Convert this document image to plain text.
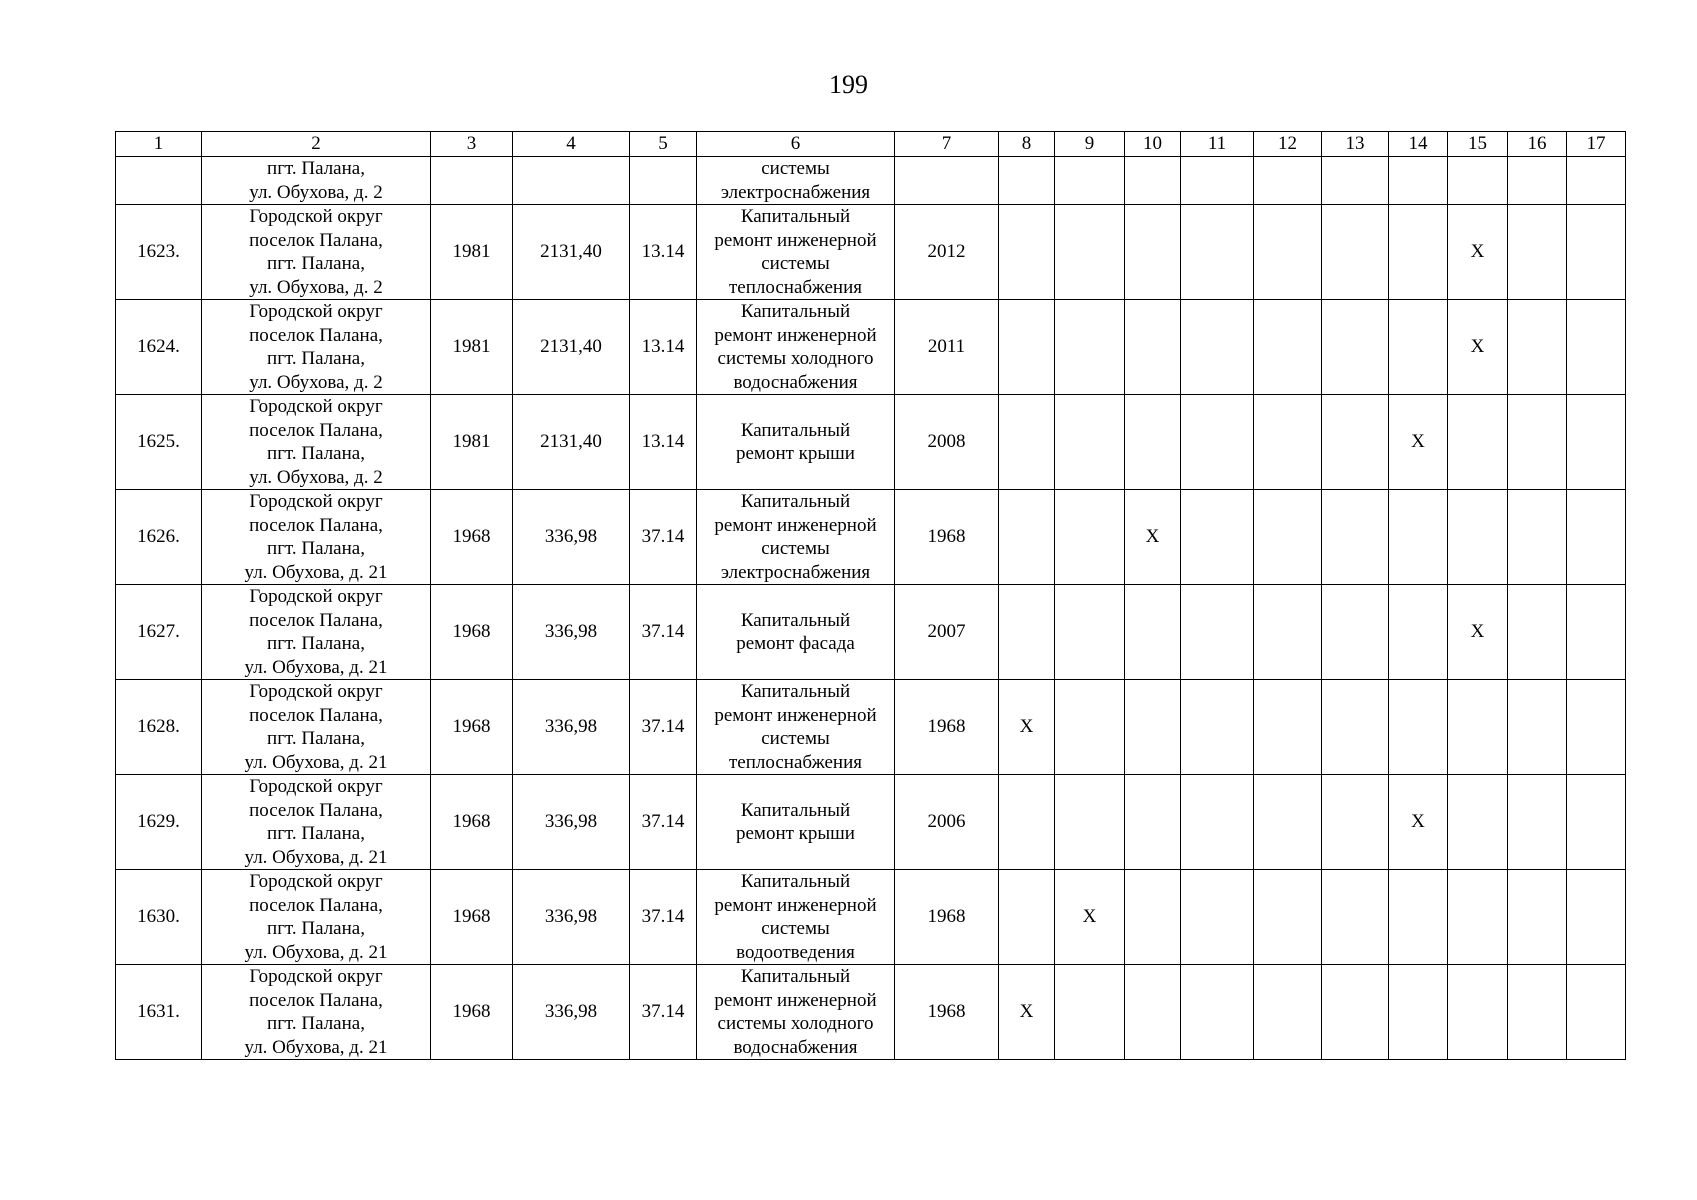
199
1	2	3	4	5	6	7	8	9	10	11	12	13	14	15	16	17

	пгт. Палана,
ул. Обухова, д. 2				системы
электроснабжения											

1623.	Городской округ
поселок Палана,
пгт. Палана,
ул. Обухова, д. 2	1981	2131,40	13.14	Капитальный
ремонт инженерной
системы
теплоснабжения	2012								X		
1624.	Городской округ
поселок Палана,
пгт. Палана,
ул. Обухова, д. 2	1981	2131,40	13.14	Капитальный
ремонт инженерной
системы холодного
водоснабжения	2011								X		
1625.	Городской округ
поселок Палана,
пгт. Палана,
ул. Обухова, д. 2	1981	2131,40	13.14	Капитальный
ремонт крыши	2008							X			
1626.	Городской округ
поселок Палана,
пгт. Палана,
ул. Обухова, д. 21	1968	336,98	37.14	Капитальный
ремонт инженерной
системы
электроснабжения	1968			X							
1627.	Городской округ
поселок Палана,
пгт. Палана,
ул. Обухова, д. 21	1968	336,98	37.14	Капитальный
ремонт фасада	2007								X		
1628.	Городской округ
поселок Палана,
пгт. Палана,
ул. Обухова, д. 21	1968	336,98	37.14	Капитальный
ремонт инженерной
системы
теплоснабжения	1968	X									
1629.	Городской округ
поселок Палана,
пгт. Палана,
ул. Обухова, д. 21	1968	336,98	37.14	Капитальный
ремонт крыши	2006							X			
1630.	Городской округ
поселок Палана,
пгт. Палана,
ул. Обухова, д. 21	1968	336,98	37.14	Капитальный
ремонт инженерной
системы
водоотведения	1968		X								
1631.	Городской округ
поселок Палана,
пгт. Палана,
ул. Обухова, д. 21	1968	336,98	37.14	Капитальный
ремонт инженерной
системы холодного
водоснабжения	1968	X									
